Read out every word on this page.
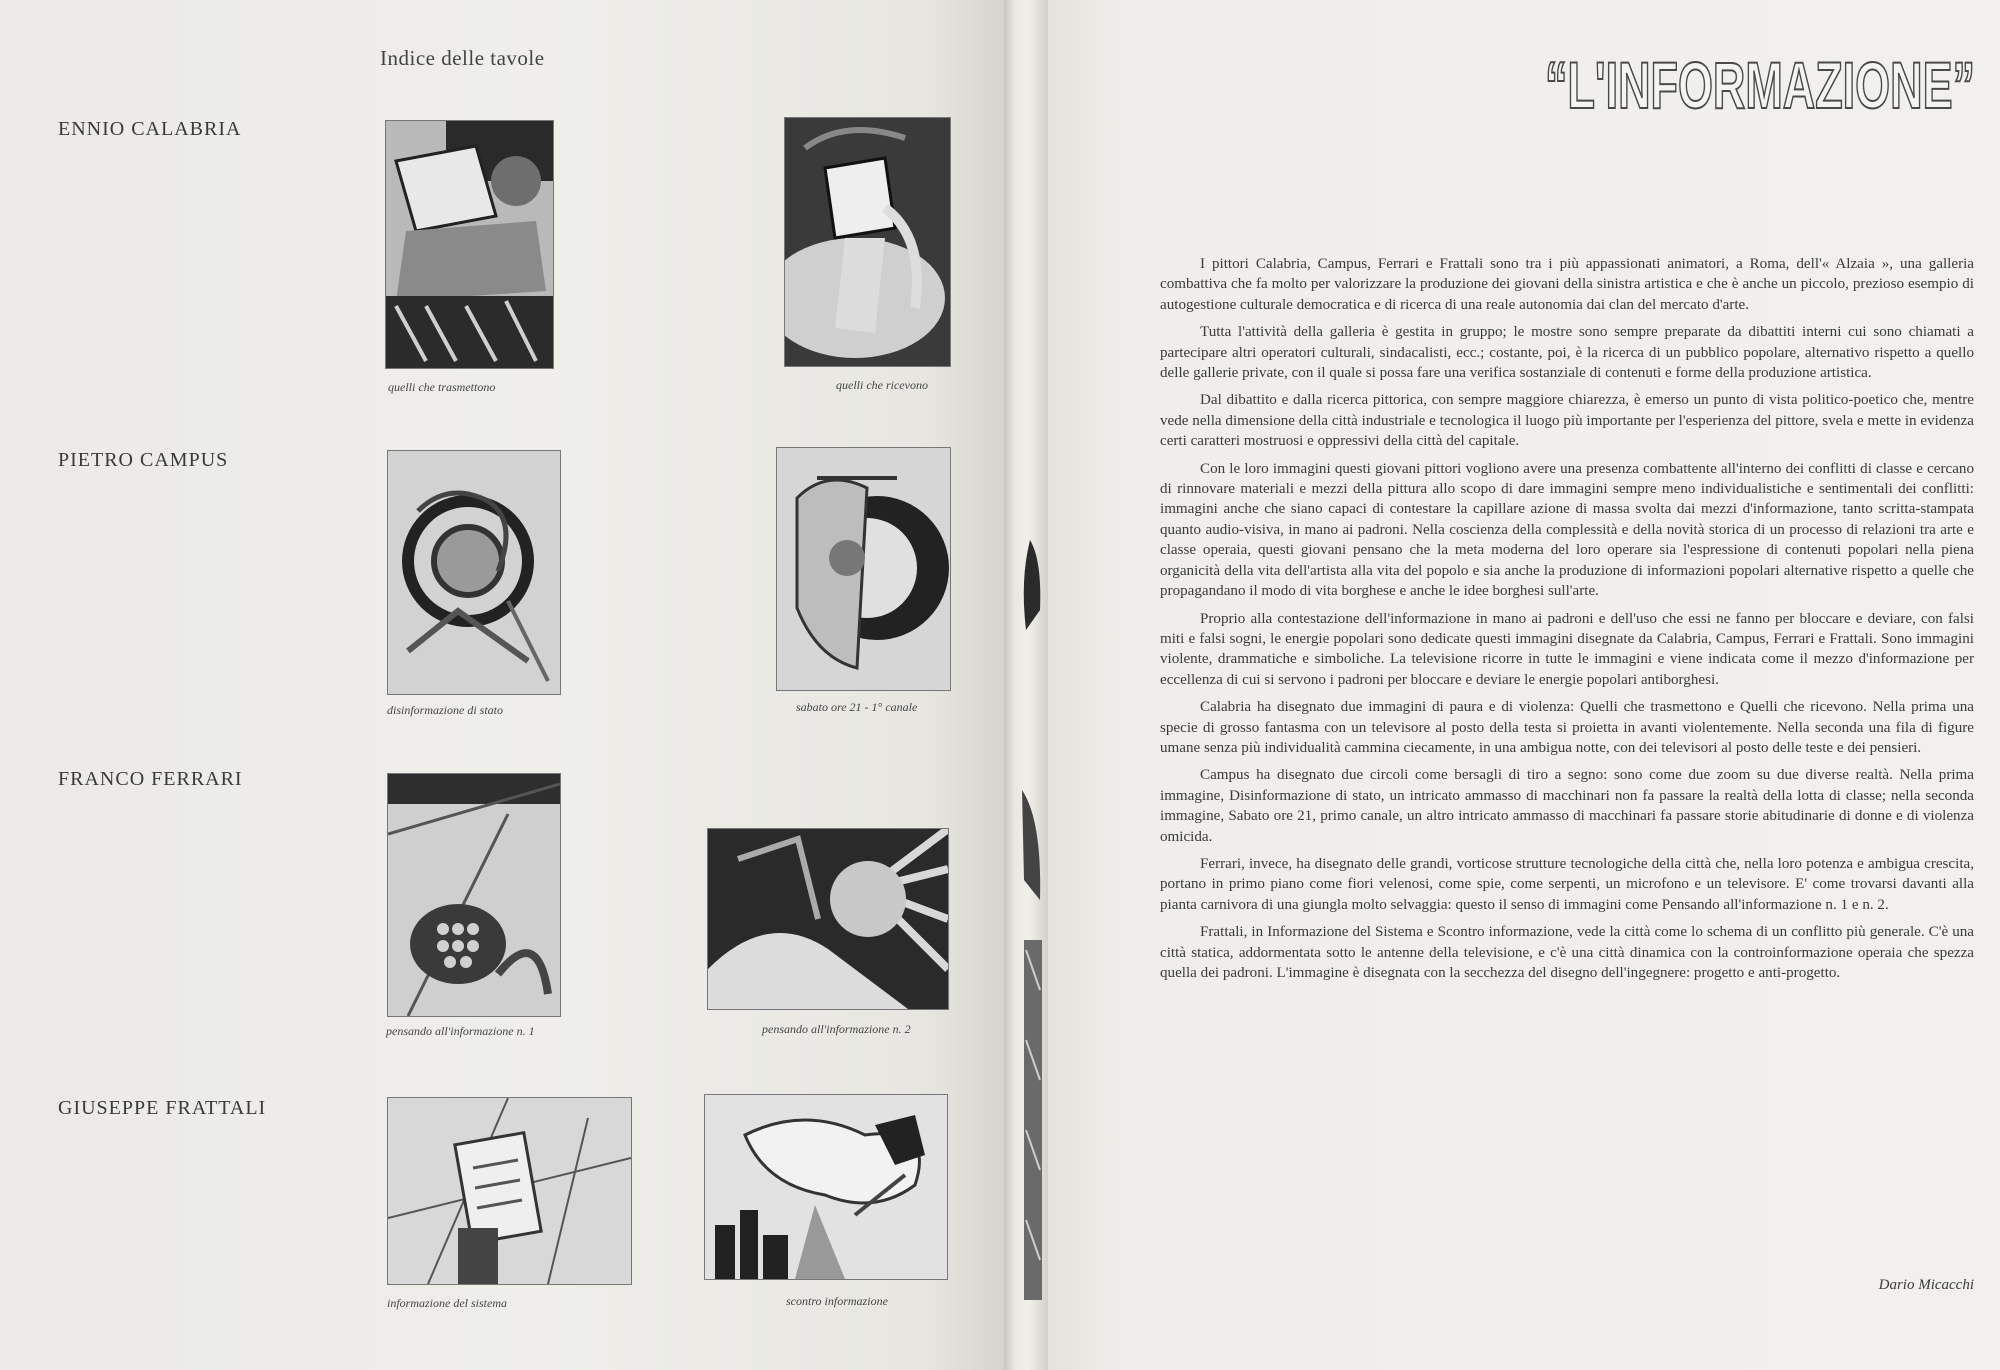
Indice delle tavole
ENNIO CALABRIA
quelli che trasmettono	quelli che ricevono
PIETRO CAMPUS
disinformazione di stato	sabato ore 21 - 1° canale
FRANCO FERRARI
pensando all'informazione n. 1	pensando all'informazione n. 2
GIUSEPPE FRATTALI
informazione del sistema	scontro informazione
“L'INFORMAZIONE”

I pittori Calabria, Campus, Ferrari e Frattali sono tra i più appassionati animatori, a Roma, dell'« Alzaia », una galleria combattiva che fa molto per valorizzare la produzione dei giovani della sinistra artistica e che è anche un piccolo, prezioso esempio di autogestione culturale democratica e di ricerca di una reale autonomia dai clan del mercato d'arte.

Tutta l'attività della galleria è gestita in gruppo; le mostre sono sempre preparate da dibattiti interni cui sono chiamati a partecipare altri operatori culturali, sindacalisti, ecc.; costante, poi, è la ricerca di un pubblico popolare, alternativo rispetto a quello delle gallerie private, con il quale si possa fare una verifica sostanziale di contenuti e forme della produzione artistica.

Dal dibattito e dalla ricerca pittorica, con sempre maggiore chiarezza, è emerso un punto di vista politico-poetico che, mentre vede nella dimensione della città industriale e tecnologica il luogo più importante per l'esperienza del pittore, svela e mette in evidenza certi caratteri mostruosi e oppressivi della città del capitale.

Con le loro immagini questi giovani pittori vogliono avere una presenza combattente all'interno dei conflitti di classe e cercano di rinnovare materiali e mezzi della pittura allo scopo di dare immagini sempre meno individualistiche e sentimentali dei conflitti: immagini anche che siano capaci di contestare la capillare azione di massa svolta dai mezzi d'informazione, tanto scritta-stampata quanto audio-visiva, in mano ai padroni. Nella coscienza della complessità e della novità storica di un processo di relazioni tra arte e classe operaia, questi giovani pensano che la meta moderna del loro operare sia l'espressione di contenuti popolari nella piena organicità della vita dell'artista alla vita del popolo e sia anche la produzione di informazioni popolari alternative rispetto a quelle che propagandano il modo di vita borghese e anche le idee borghesi sull'arte.

Proprio alla contestazione dell'informazione in mano ai padroni e dell'uso che essi ne fanno per bloccare e deviare, con falsi miti e falsi sogni, le energie popolari sono dedicate questi immagini disegnate da Calabria, Campus, Ferrari e Frattali. Sono immagini violente, drammatiche e simboliche. La televisione ricorre in tutte le immagini e viene indicata come il mezzo d'informazione per eccellenza di cui si servono i padroni per bloccare e deviare le energie popolari antiborghesi.

Calabria ha disegnato due immagini di paura e di violenza: Quelli che trasmettono e Quelli che ricevono. Nella prima una specie di grosso fantasma con un televisore al posto della testa si proietta in avanti violentemente. Nella seconda una fila di figure umane senza più individualità cammina ciecamente, in una ambigua notte, con dei televisori al posto delle teste e dei pensieri.

Campus ha disegnato due circoli come bersagli di tiro a segno: sono come due zoom su due diverse realtà. Nella prima immagine, Disinformazione di stato, un intricato ammasso di macchinari non fa passare la realtà della lotta di classe; nella seconda immagine, Sabato ore 21, primo canale, un altro intricato ammasso di macchinari fa passare storie abitudinarie di donne e di violenza omicida.

Ferrari, invece, ha disegnato delle grandi, vorticose strutture tecnologiche della città che, nella loro potenza e ambigua crescita, portano in primo piano come fiori velenosi, come spie, come serpenti, un microfono e un televisore. E' come trovarsi davanti alla pianta carnivora di una giungla molto selvaggia: questo il senso di immagini come Pensando all'informazione n. 1 e n. 2.

Frattali, in Informazione del Sistema e Scontro informazione, vede la città come lo schema di un conflitto più generale. C'è una città statica, addormentata sotto le antenne della televisione, e c'è una città dinamica con la controinformazione operaia che spezza quella dei padroni. L'immagine è disegnata con la secchezza del disegno dell'ingegnere: progetto e anti-progetto.

Dario Micacchi
